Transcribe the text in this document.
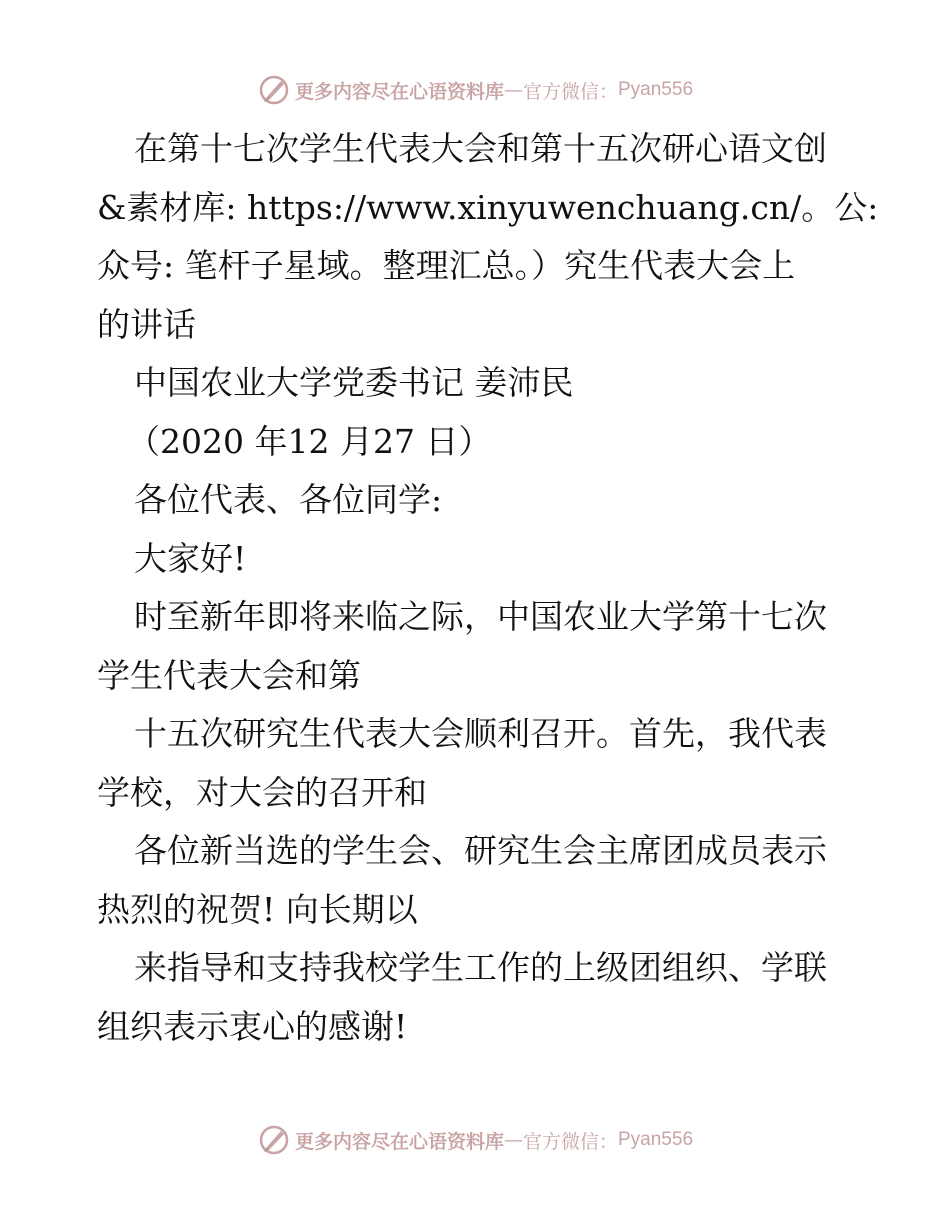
更多内容尽在心语资料库 — 官方微信： Pyan556
在第十七次学生代表大会和第十五次研心语文创
&素材库: https://www.xinyuwenchuang.cn/。公:
众号: 笔杆子星域。整理汇总。）究生代表大会上
的讲话
中国农业大学党委书记 姜沛民
（2020 年12 月27 日）
各位代表、各位同学:
大家好!
时至新年即将来临之际，中国农业大学第十七次
学生代表大会和第
十五次研究生代表大会顺利召开。首先，我代表
学校，对大会的召开和
各位新当选的学生会、研究生会主席团成员表示
热烈的祝贺! 向长期以
来指导和支持我校学生工作的上级团组织、学联
组织表示衷心的感谢!
更多内容尽在心语资料库 — 官方微信： Pyan556
